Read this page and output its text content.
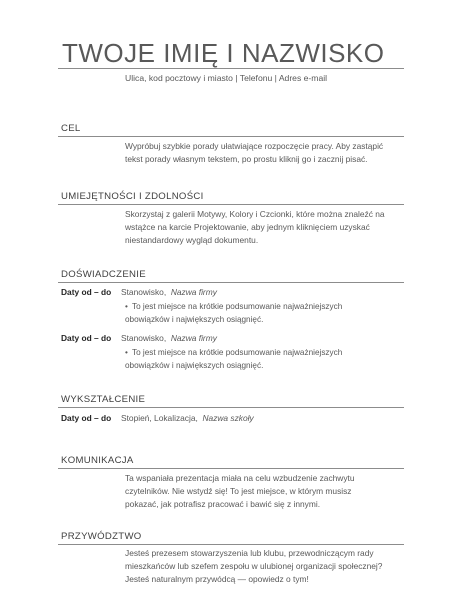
TWOJE IMIĘ I NAZWISKO
Ulica, kod pocztowy i miasto | Telefonu | Adres e-mail
CEL
Wypróbuj szybkie porady ułatwiające rozpoczęcie pracy. Aby zastąpić tekst porady własnym tekstem, po prostu kliknij go i zacznij pisać.
UMIEJĘTNOŚCI I ZDOLNOŚCI
Skorzystaj z galerii Motywy, Kolory i Czcionki, które można znaleźć na wstążce na karcie Projektowanie, aby jednym kliknięciem uzyskać niestandardowy wygląd dokumentu.
DOŚWIADCZENIE
Daty od – do Stanowisko, Nazwa firmy
• To jest miejsce na krótkie podsumowanie najważniejszych obowiązków i największych osiągnięć.
Daty od – do Stanowisko, Nazwa firmy
• To jest miejsce na krótkie podsumowanie najważniejszych obowiązków i największych osiągnięć.
WYKSZTAŁCENIE
Daty od – do Stopień, Lokalizacja, Nazwa szkoły
KOMUNIKACJA
Ta wspaniała prezentacja miała na celu wzbudzenie zachwytu czytelników. Nie wstydź się! To jest miejsce, w którym musisz pokazać, jak potrafisz pracować i bawić się z innymi.
PRZYWÓDZTWO
Jesteś prezesem stowarzyszenia lub klubu, przewodniczącym rady mieszkańców lub szefem zespołu w ulubionej organizacji społecznej? Jesteś naturalnym przywódcą — opowiedz o tym!
